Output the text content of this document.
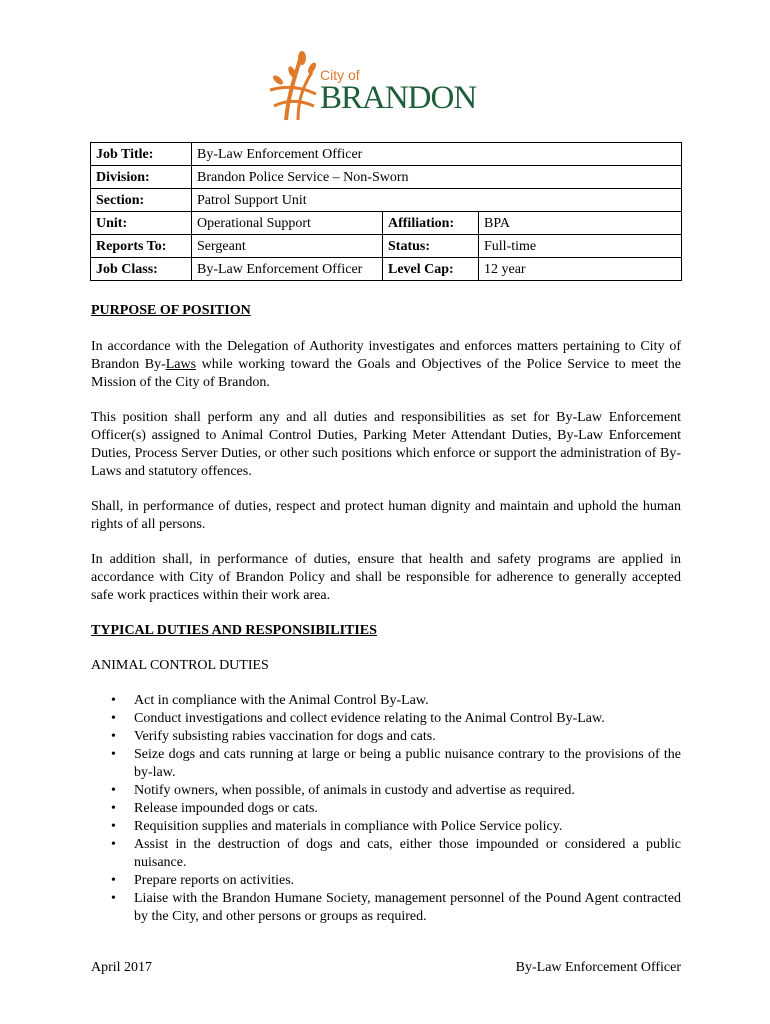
City of
BRANDON
Job Title:	By-Law Enforcement Officer		
Division:	Brandon Police Service – Non-Sworn		
Section:	Patrol Support Unit		
Unit:	Operational Support	Affiliation:	BPA
Reports To:	Sergeant	Status:	Full-time
Job Class:	By-Law Enforcement Officer	Level Cap:	12 year

PURPOSE OF POSITION

In accordance with the Delegation of Authority investigates and enforces matters pertaining to City of Brandon By-Laws while working toward the Goals and Objectives of the Police Service to meet the Mission of the City of Brandon.

This position shall perform any and all duties and responsibilities as set for By-Law Enforcement Officer(s) assigned to Animal Control Duties, Parking Meter Attendant Duties, By-Law Enforcement Duties, Process Server Duties, or other such positions which enforce or support the administration of By-Laws and statutory offences.

Shall, in performance of duties, respect and protect human dignity and maintain and uphold the human rights of all persons.

In addition shall, in performance of duties, ensure that health and safety programs are applied in accordance with City of Brandon Policy and shall be responsible for adherence to generally accepted safe work practices within their work area.

TYPICAL DUTIES AND RESPONSIBILITIES

ANIMAL CONTROL DUTIES

• Act in compliance with the Animal Control By-Law.
• Conduct investigations and collect evidence relating to the Animal Control By-Law.
• Verify subsisting rabies vaccination for dogs and cats.
• Seize dogs and cats running at large or being a public nuisance contrary to the provisions of the by-law.
• Notify owners, when possible, of animals in custody and advertise as required.
• Release impounded dogs or cats.
• Requisition supplies and materials in compliance with Police Service policy.
• Assist in the destruction of dogs and cats, either those impounded or considered a public nuisance.
• Prepare reports on activities.
• Liaise with the Brandon Humane Society, management personnel of the Pound Agent contracted by the City, and other persons or groups as required.
April 2017	By-Law Enforcement Officer
